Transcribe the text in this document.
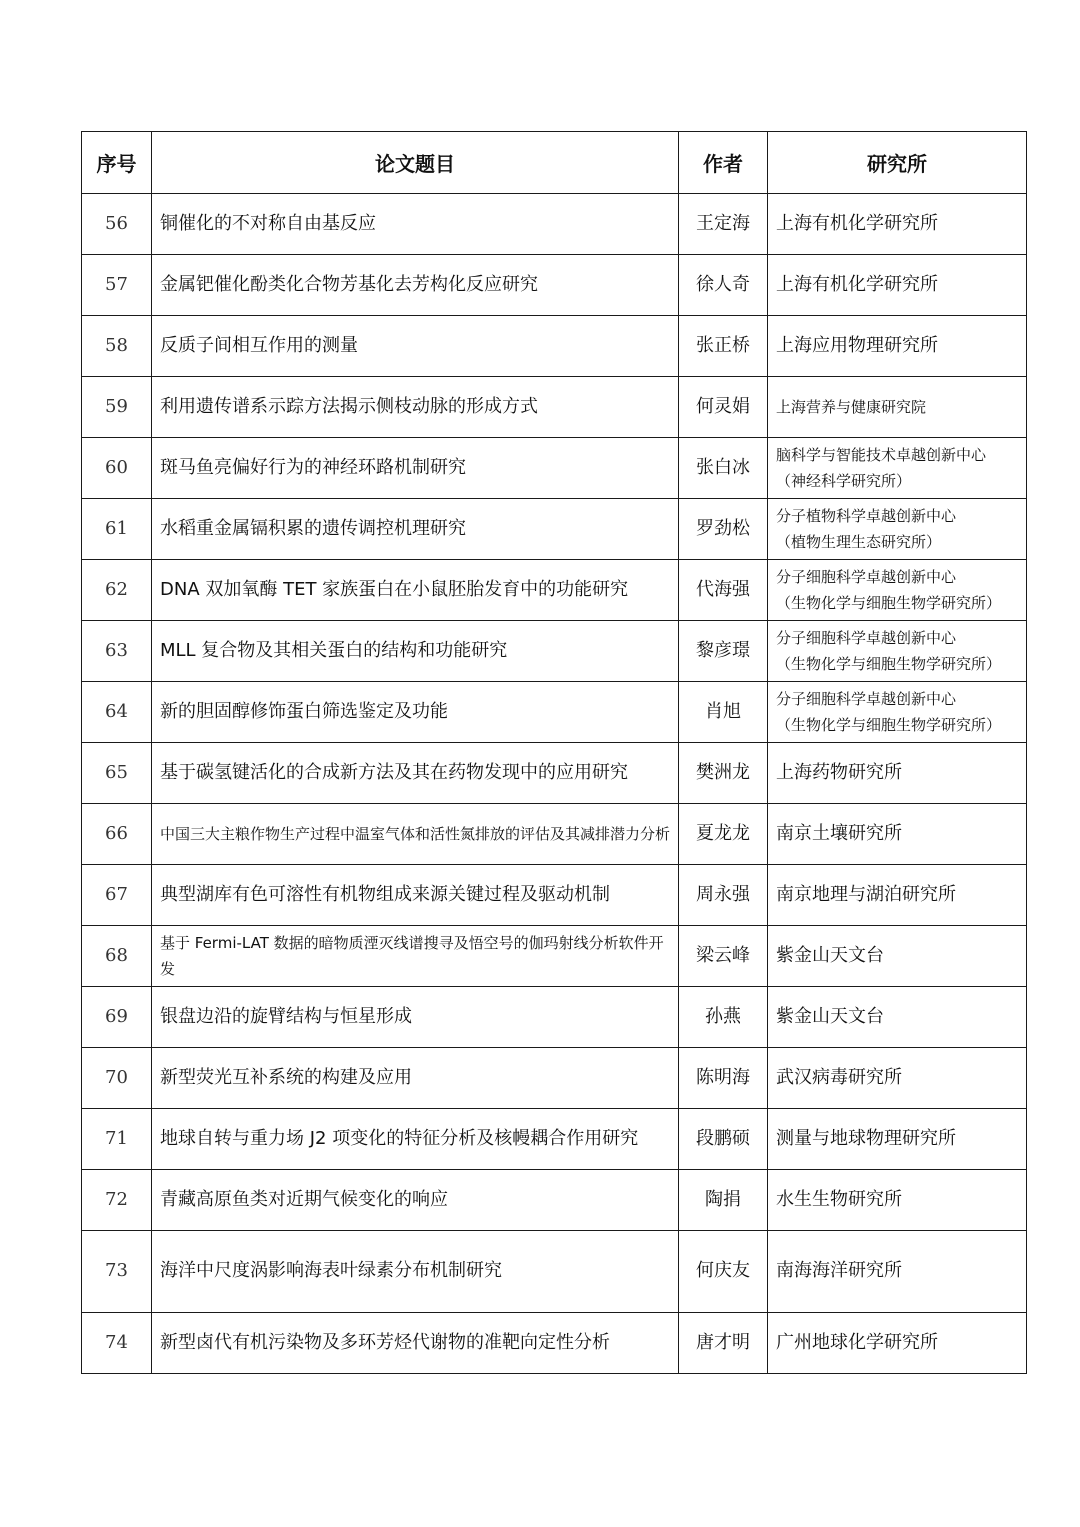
序号	论文题目	作者	研究所
56	铜催化的不对称自由基反应	王定海	上海有机化学研究所

57	金属钯催化酚类化合物芳基化去芳构化反应研究	徐人奇	上海有机化学研究所

58	反质子间相互作用的测量	张正桥	上海应用物理研究所

59	利用遗传谱系示踪方法揭示侧枝动脉的形成方式	何灵娟	上海营养与健康研究院

60	斑马鱼亮偏好行为的神经环路机制研究	张白冰	脑科学与智能技术卓越创新中心
（神经科学研究所）

61	水稻重金属镉积累的遗传调控机理研究	罗劲松	分子植物科学卓越创新中心
（植物生理生态研究所）

62	DNA 双加氧酶 TET 家族蛋白在小鼠胚胎发育中的功能研究	代海强	分子细胞科学卓越创新中心
（生物化学与细胞生物学研究所）

63	MLL 复合物及其相关蛋白的结构和功能研究	黎彦璟	分子细胞科学卓越创新中心
（生物化学与细胞生物学研究所）

64	新的胆固醇修饰蛋白筛选鉴定及功能	肖旭	分子细胞科学卓越创新中心
（生物化学与细胞生物学研究所）

65	基于碳氢键活化的合成新方法及其在药物发现中的应用研究	樊洲龙	上海药物研究所

66	中国三大主粮作物生产过程中温室气体和活性氮排放的评估及其减排潜力分析	夏龙龙	南京土壤研究所

67	典型湖库有色可溶性有机物组成来源关键过程及驱动机制	周永强	南京地理与湖泊研究所

68	基于 Fermi-LAT 数据的暗物质湮灭线谱搜寻及悟空号的伽玛射线分析软件开发	梁云峰	紫金山天文台

69	银盘边沿的旋臂结构与恒星形成	孙燕	紫金山天文台

70	新型荧光互补系统的构建及应用	陈明海	武汉病毒研究所

71	地球自转与重力场 J2 项变化的特征分析及核幔耦合作用研究	段鹏硕	测量与地球物理研究所

72	青藏高原鱼类对近期气候变化的响应	陶捐	水生生物研究所

73	海洋中尺度涡影响海表叶绿素分布机制研究	何庆友	南海海洋研究所

74	新型卤代有机污染物及多环芳烃代谢物的准靶向定性分析	唐才明	广州地球化学研究所
